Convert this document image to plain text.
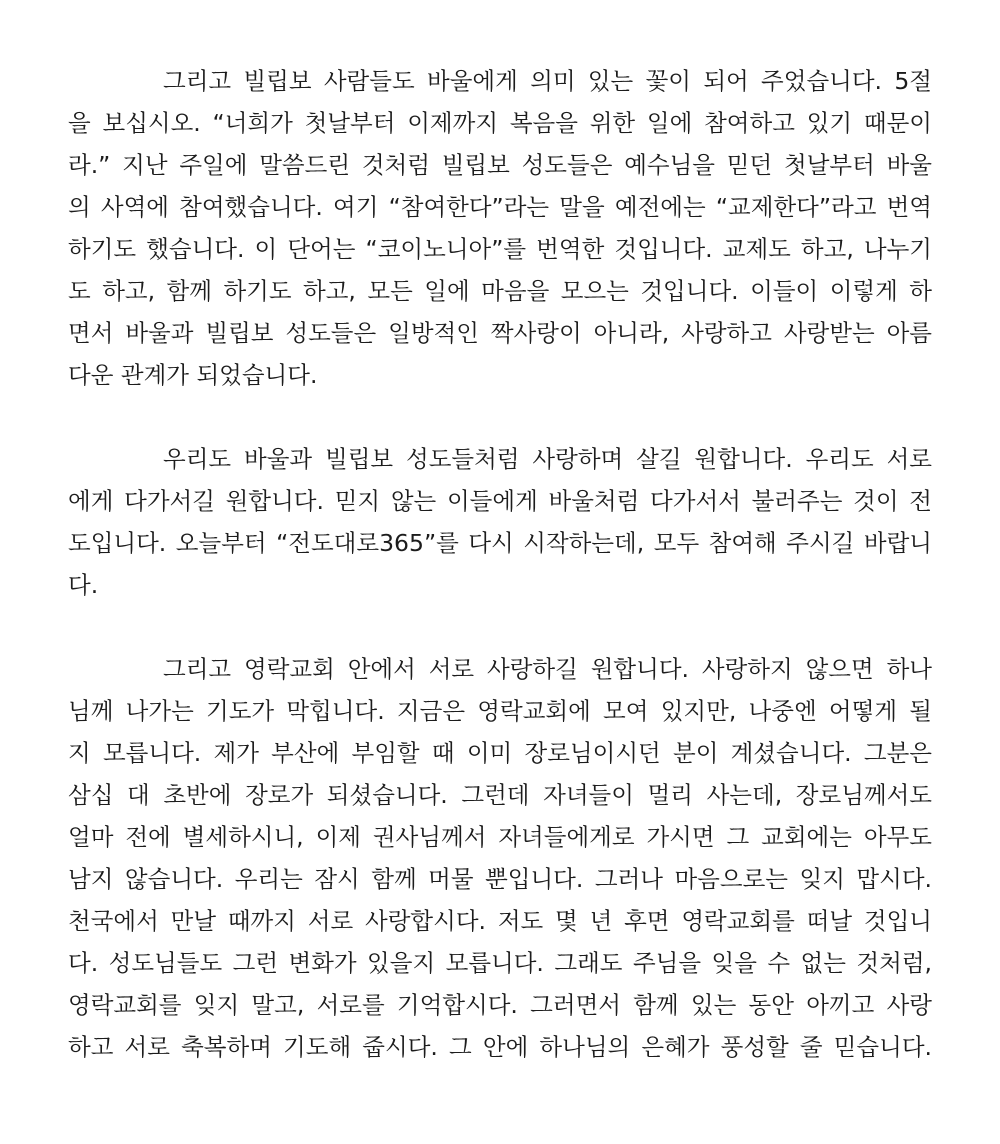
그리고 빌립보 사람들도 바울에게 의미 있는 꽃이 되어 주었습니다. 5절
을 보십시오. “너희가 첫날부터 이제까지 복음을 위한 일에 참여하고 있기 때문이
라.” 지난 주일에 말씀드린 것처럼 빌립보 성도들은 예수님을 믿던 첫날부터 바울
의 사역에 참여했습니다. 여기 “참여한다”라는 말을 예전에는 “교제한다”라고 번역
하기도 했습니다. 이 단어는 “코이노니아”를 번역한 것입니다. 교제도 하고, 나누기
도 하고, 함께 하기도 하고, 모든 일에 마음을 모으는 것입니다. 이들이 이렇게 하
면서 바울과 빌립보 성도들은 일방적인 짝사랑이 아니라, 사랑하고 사랑받는 아름
다운 관계가 되었습니다.
우리도 바울과 빌립보 성도들처럼 사랑하며 살길 원합니다. 우리도 서로
에게 다가서길 원합니다. 믿지 않는 이들에게 바울처럼 다가서서 불러주는 것이 전
도입니다. 오늘부터 “전도대로365”를 다시 시작하는데, 모두 참여해 주시길 바랍니
다.
그리고 영락교회 안에서 서로 사랑하길 원합니다. 사랑하지 않으면 하나
님께 나가는 기도가 막힙니다. 지금은 영락교회에 모여 있지만, 나중엔 어떻게 될
지 모릅니다. 제가 부산에 부임할 때 이미 장로님이시던 분이 계셨습니다. 그분은
삼십 대 초반에 장로가 되셨습니다. 그런데 자녀들이 멀리 사는데, 장로님께서도
얼마 전에 별세하시니, 이제 권사님께서 자녀들에게로 가시면 그 교회에는 아무도
남지 않습니다. 우리는 잠시 함께 머물 뿐입니다. 그러나 마음으로는 잊지 맙시다.
천국에서 만날 때까지 서로 사랑합시다. 저도 몇 년 후면 영락교회를 떠날 것입니
다. 성도님들도 그런 변화가 있을지 모릅니다. 그래도 주님을 잊을 수 없는 것처럼,
영락교회를 잊지 말고, 서로를 기억합시다. 그러면서 함께 있는 동안 아끼고 사랑
하고 서로 축복하며 기도해 줍시다. 그 안에 하나님의 은혜가 풍성할 줄 믿습니다.
